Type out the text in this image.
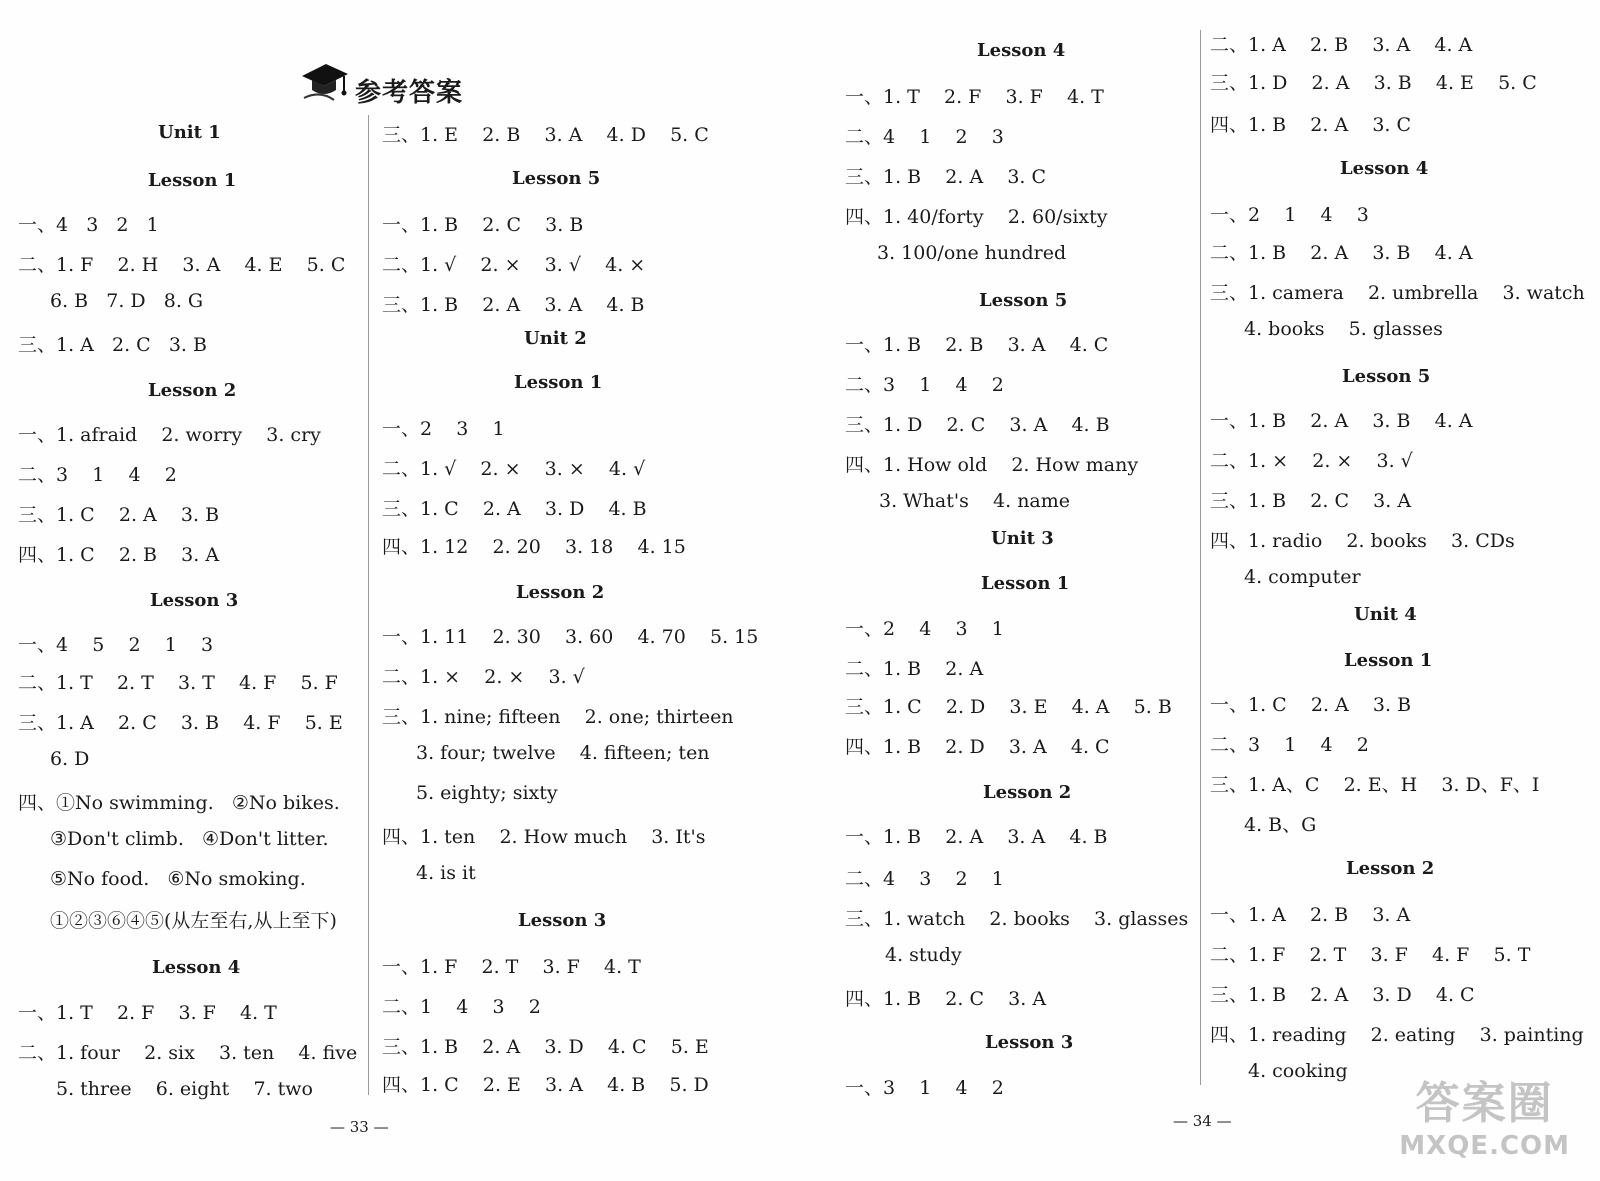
参考答案
Unit 1
Lesson 1
一、4   3   2   1
二、1. F    2. H    3. A    4. E    5. C
6. B   7. D   8. G
三、1. A   2. C   3. B
Lesson 2
一、1. afraid    2. worry    3. cry
二、3    1    4    2
三、1. C    2. A    3. B
四、1. C    2. B    3. A
Lesson 3
一、4    5    2    1    3
二、1. T    2. T    3. T    4. F    5. F
三、1. A    2. C    3. B    4. F    5. E
6. D
四、①No swimming.   ②No bikes.
③Don't climb.   ④Don't litter.
⑤No food.   ⑥No smoking.
①②③⑥④⑤(从左至右,从上至下)
Lesson 4
一、1. T    2. F    3. F    4. T
二、1. four    2. six    3. ten    4. five
5. three    6. eight    7. two
三、1. E    2. B    3. A    4. D    5. C
Lesson 5
一、1. B    2. C    3. B
二、1. √    2. ×    3. √    4. ×
三、1. B    2. A    3. A    4. B
Unit 2
Lesson 1
一、2    3    1
二、1. √    2. ×    3. ×    4. √
三、1. C    2. A    3. D    4. B
四、1. 12    2. 20    3. 18    4. 15
Lesson 2
一、1. 11    2. 30    3. 60    4. 70    5. 15
二、1. ×    2. ×    3. √
三、1. nine; fifteen    2. one; thirteen
3. four; twelve    4. fifteen; ten
5. eighty; sixty
四、1. ten    2. How much    3. It's
4. is it
Lesson 3
一、1. F    2. T    3. F    4. T
二、1    4    3    2
三、1. B    2. A    3. D    4. C    5. E
四、1. C    2. E    3. A    4. B    5. D
Lesson 4
一、1. T    2. F    3. F    4. T
二、4    1    2    3
三、1. B    2. A    3. C
四、1. 40/forty    2. 60/sixty
3. 100/one hundred
Lesson 5
一、1. B    2. B    3. A    4. C
二、3    1    4    2
三、1. D    2. C    3. A    4. B
四、1. How old    2. How many
3. What's    4. name
Unit 3
Lesson 1
一、2    4    3    1
二、1. B    2. A
三、1. C    2. D    3. E    4. A    5. B
四、1. B    2. D    3. A    4. C
Lesson 2
一、1. B    2. A    3. A    4. B
二、4    3    2    1
三、1. watch    2. books    3. glasses
4. study
四、1. B    2. C    3. A
Lesson 3
一、3    1    4    2
二、1. A    2. B    3. A    4. A
三、1. D    2. A    3. B    4. E    5. C
四、1. B    2. A    3. C
Lesson 4
一、2    1    4    3
二、1. B    2. A    3. B    4. A
三、1. camera    2. umbrella    3. watch
4. books    5. glasses
Lesson 5
一、1. B    2. A    3. B    4. A
二、1. ×    2. ×    3. √
三、1. B    2. C    3. A
四、1. radio    2. books    3. CDs
4. computer
Unit 4
Lesson 1
一、1. C    2. A    3. B
二、3    1    4    2
三、1. A、C    2. E、H    3. D、F、I
4. B、G
Lesson 2
一、1. A    2. B    3. A
二、1. F    2. T    3. F    4. F    5. T
三、1. B    2. A    3. D    4. C
四、1. reading    2. eating    3. painting
4. cooking
— 33 —	— 34 —	答案圈
MXQE.COM
